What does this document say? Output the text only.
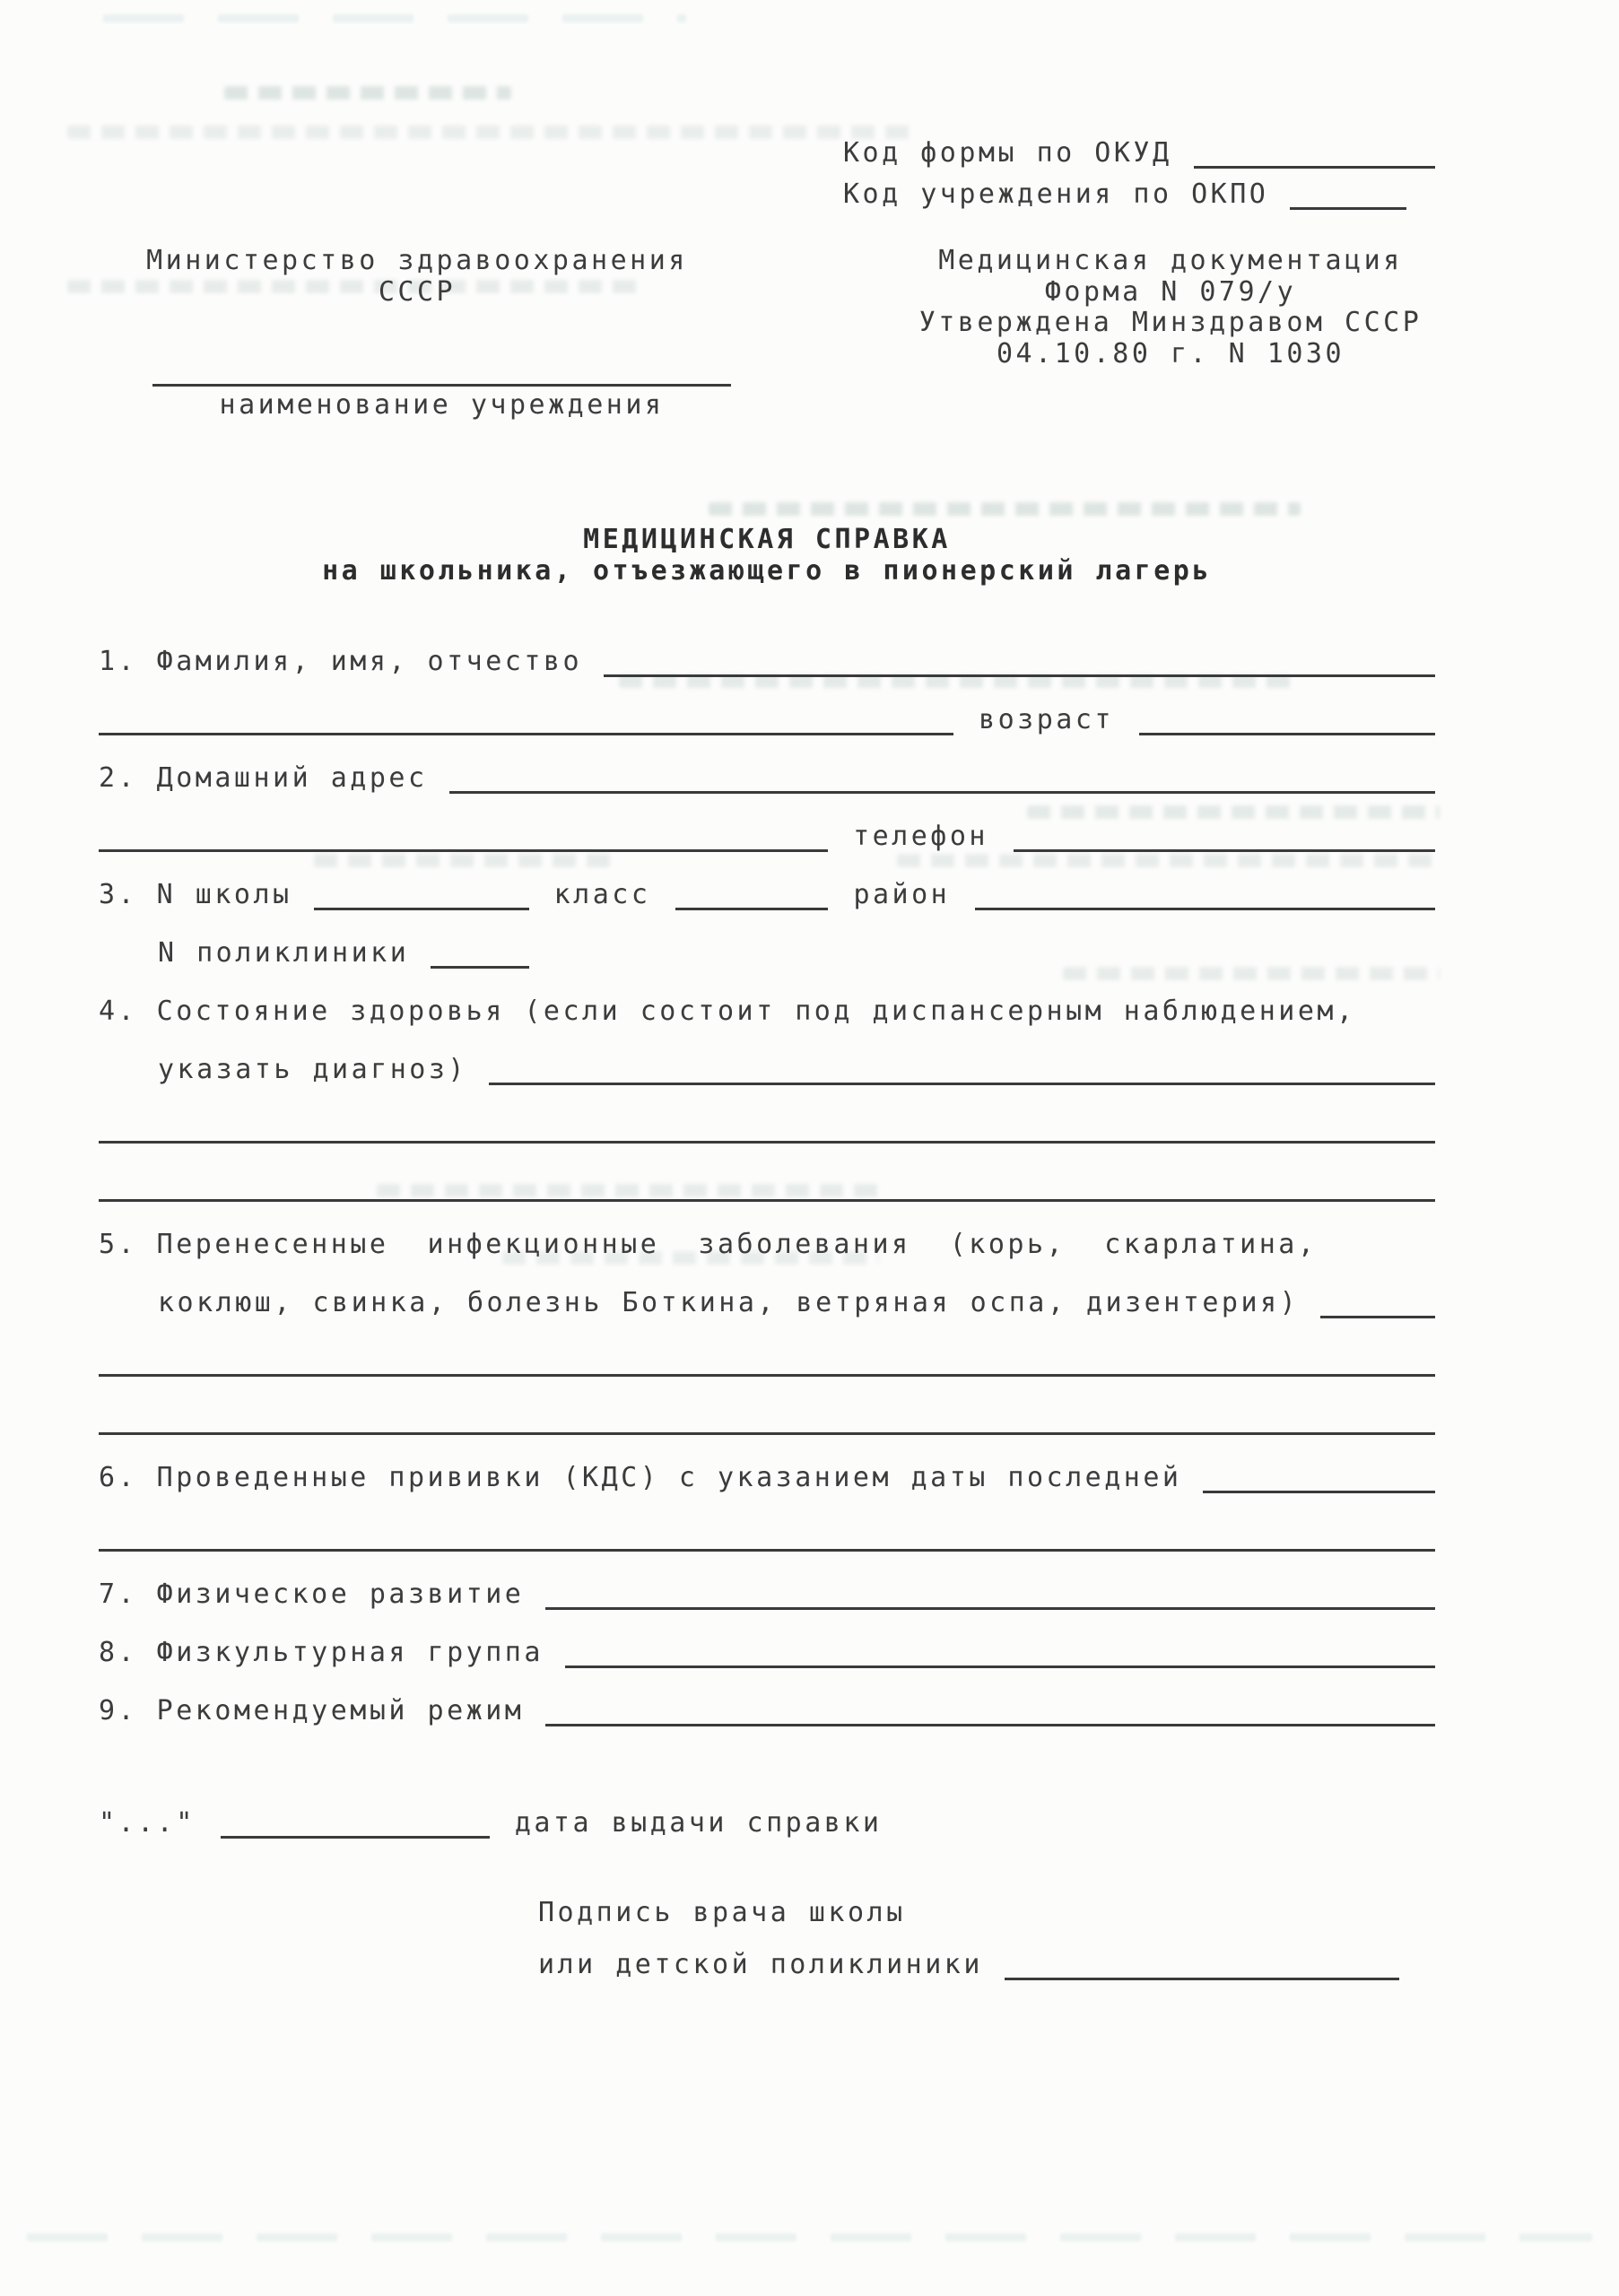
Код формы по ОКУД
Код учреждения по ОКПО
Министерство здравоохранения
СССР
наименование учреждения
Медицинская документация
Форма N 079/у
Утверждена Минздравом СССР
04.10.80 г. N 1030
МЕДИЦИНСКАЯ СПРАВКА
на школьника, отъезжающего в пионерский лагерь
1. Фамилия, имя, отчество
возраст
2. Домашний адрес
телефон
3. N школы	класс	район
N поликлиники
4. Состояние здоровья (если состоит под диспансерным наблюдением,
указать диагноз)
5. Перенесенные  инфекционные  заболевания  (корь,  скарлатина,
коклюш, свинка, болезнь Боткина, ветряная оспа, дизентерия)
6. Проведенные прививки (КДС) с указанием даты последней
7. Физическое развитие
8. Физкультурная группа
9. Рекомендуемый режим
"..."	дата выдачи справки
Подпись врача школы
или детской поликлиники
